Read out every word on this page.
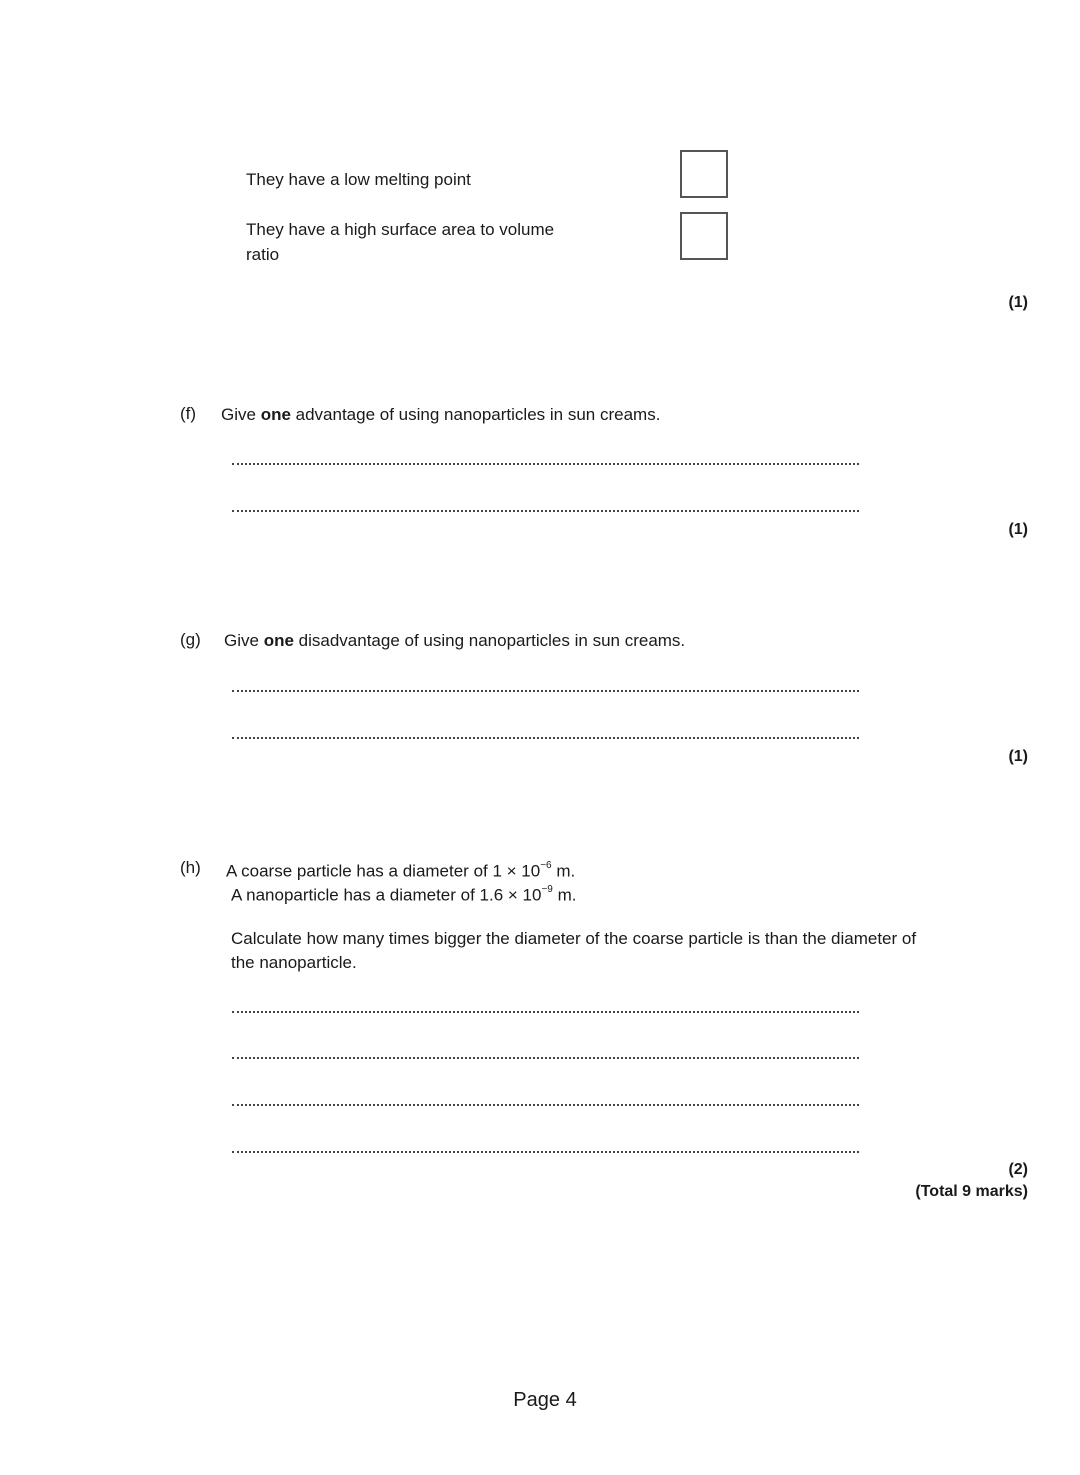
They have a low melting point
They have a high surface area to volume
ratio
(1)
(f) Give one advantage of using nanoparticles in sun creams.
(1)
(g) Give one disadvantage of using nanoparticles in sun creams.
(1)
(h) A coarse particle has a diameter of $1 \times 10^{-6}$ m.
A nanoparticle has a diameter of $1.6 \times 10^{-9}$ m.
Calculate how many times bigger the diameter of the coarse particle is than the diameter of
the nanoparticle.
(2)
(Total 9 marks)
Page 4
